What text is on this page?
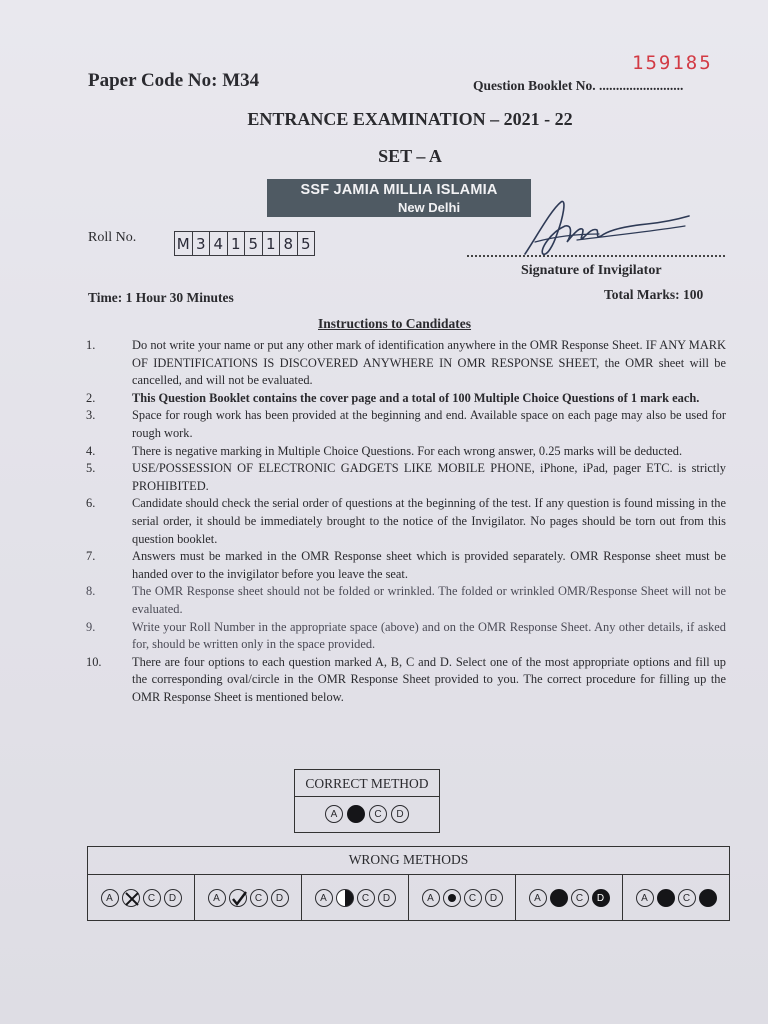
Paper Code No: M34	Question Booklet No. .........................
159185
ENTRANCE EXAMINATION – 2021 - 22
SET – A
SSF JAMIA MILLIA ISLAMIA
New Delhi
Roll No.	M 3 4 1 5 1 8 5
Signature of Invigilator
Time: 1 Hour 30 Minutes	Total Marks: 100
Instructions to Candidates
1.	Do not write your name or put any other mark of identification anywhere in the OMR Response Sheet. IF ANY MARK OF IDENTIFICATIONS IS DISCOVERED ANYWHERE IN OMR RESPONSE SHEET, the OMR sheet will be cancelled, and will not be evaluated.
2.	This Question Booklet contains the cover page and a total of 100 Multiple Choice Questions of 1 mark each.
3.	Space for rough work has been provided at the beginning and end. Available space on each page may also be used for rough work.
4.	There is negative marking in Multiple Choice Questions. For each wrong answer, 0.25 marks will be deducted.
5.	USE/POSSESSION OF ELECTRONIC GADGETS LIKE MOBILE PHONE, iPhone, iPad, pager ETC. is strictly PROHIBITED.
6.	Candidate should check the serial order of questions at the beginning of the test. If any question is found missing in the serial order, it should be immediately brought to the notice of the Invigilator. No pages should be torn out from this question booklet.
7.	Answers must be marked in the OMR Response sheet which is provided separately. OMR Response sheet must be handed over to the invigilator before you leave the seat.
8.	The OMR Response sheet should not be folded or wrinkled. The folded or wrinkled OMR/Response Sheet will not be evaluated.
9.	Write your Roll Number in the appropriate space (above) and on the OMR Response Sheet. Any other details, if asked for, should be written only in the space provided.
10.	There are four options to each question marked A, B, C and D. Select one of the most appropriate options and fill up the corresponding oval/circle in the OMR Response Sheet provided to you. The correct procedure for filling up the OMR Response Sheet is mentioned below.
CORRECT METHOD
A	C	D
WRONG METHODS
A	C	D	A	C	D	A	C	D	A	C	D	A	C	D	A	C
